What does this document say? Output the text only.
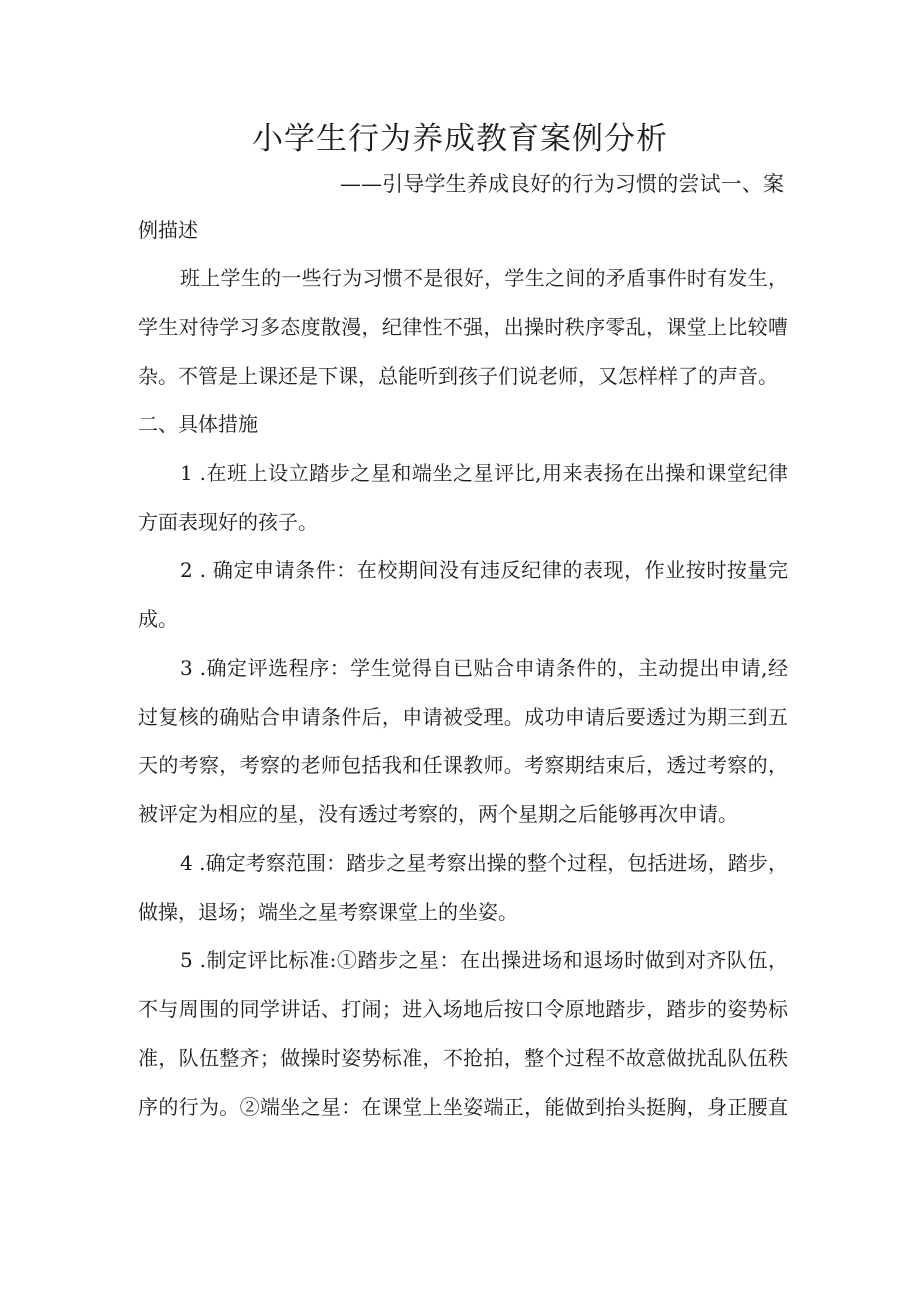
小学生行为养成教育案例分析

——引导学生养成良好的行为习惯的尝试一、案

例描述

班上学生的一些行为习惯不是很好，学生之间的矛盾事件时有发生，

学生对待学习多态度散漫，纪律性不强，出操时秩序零乱，课堂上比较嘈

杂。不管是上课还是下课，总能听到孩子们说老师，又怎样样了的声音。

二、具体措施

1 .在班上设立踏步之星和端坐之星评比,用来表扬在出操和课堂纪律

方面表现好的孩子。

2 . 确定申请条件：在校期间没有违反纪律的表现，作业按时按量完

成。

3 .确定评选程序：学生觉得自已贴合申请条件的，主动提出申请,经

过复核的确贴合申请条件后，申请被受理。成功申请后要透过为期三到五

天的考察，考察的老师包括我和任课教师。考察期结束后，透过考察的，

被评定为相应的星，没有透过考察的，两个星期之后能够再次申请。

4 .确定考察范围：踏步之星考察出操的整个过程，包括进场，踏步，

做操，退场；端坐之星考察课堂上的坐姿。

5 .制定评比标准:①踏步之星：在出操进场和退场时做到对齐队伍，

不与周围的同学讲话、打闹；进入场地后按口令原地踏步，踏步的姿势标

准，队伍整齐；做操时姿势标准，不抢拍，整个过程不故意做扰乱队伍秩

序的行为。②端坐之星：在课堂上坐姿端正，能做到抬头挺胸，身正腰直
